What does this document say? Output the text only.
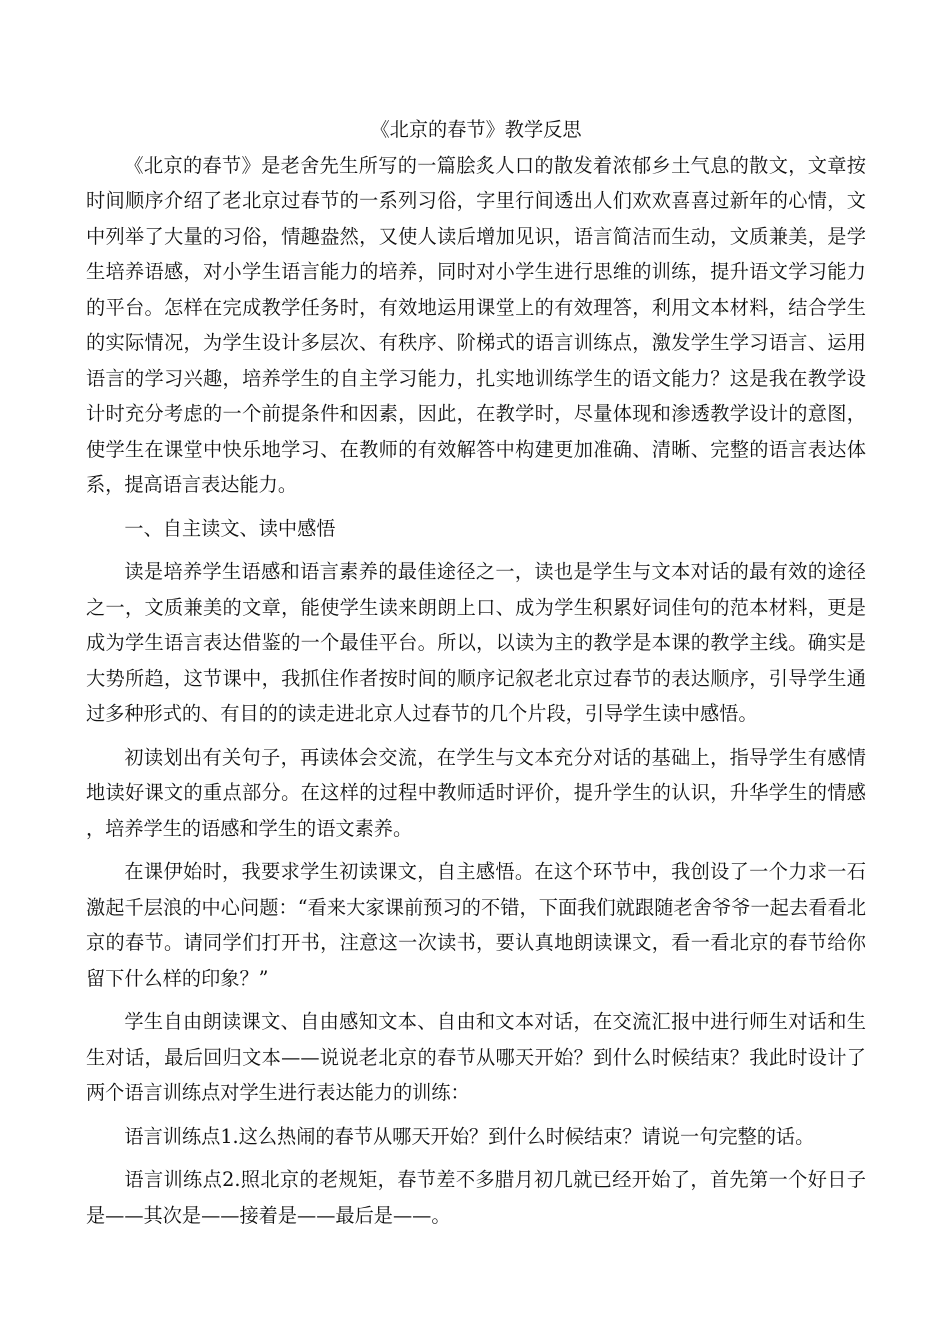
《北京的春节》教学反思

《北京的春节》是老舍先生所写的一篇脍炙人口的散发着浓郁乡土气息的散文，文章按时间顺序介绍了老北京过春节的一系列习俗，字里行间透出人们欢欢喜喜过新年的心情，文中列举了大量的习俗，情趣盎然，又使人读后增加见识，语言简洁而生动，文质兼美，是学生培养语感，对小学生语言能力的培养，同时对小学生进行思维的训练，提升语文学习能力的平台。怎样在完成教学任务时，有效地运用课堂上的有效理答，利用文本材料，结合学生的实际情况，为学生设计多层次、有秩序、阶梯式的语言训练点，激发学生学习语言、运用语言的学习兴趣，培养学生的自主学习能力，扎实地训练学生的语文能力？这是我在教学设计时充分考虑的一个前提条件和因素，因此，在教学时，尽量体现和渗透教学设计的意图，使学生在课堂中快乐地学习、在教师的有效解答中构建更加准确、清晰、完整的语言表达体系，提高语言表达能力。

一、自主读文、读中感悟

读是培养学生语感和语言素养的最佳途径之一，读也是学生与文本对话的最有效的途径之一，文质兼美的文章，能使学生读来朗朗上口、成为学生积累好词佳句的范本材料，更是成为学生语言表达借鉴的一个最佳平台。所以，以读为主的教学是本课的教学主线。确实是大势所趋，这节课中，我抓住作者按时间的顺序记叙老北京过春节的表达顺序，引导学生通过多种形式的、有目的的读走进北京人过春节的几个片段，引导学生读中感悟。

初读划出有关句子，再读体会交流，在学生与文本充分对话的基础上，指导学生有感情地读好课文的重点部分。在这样的过程中教师适时评价，提升学生的认识，升华学生的情感，培养学生的语感和学生的语文素养。

在课伊始时，我要求学生初读课文，自主感悟。在这个环节中，我创设了一个力求一石激起千层浪的中心问题：“看来大家课前预习的不错，下面我们就跟随老舍爷爷一起去看看北京的春节。请同学们打开书，注意这一次读书，要认真地朗读课文，看一看北京的春节给你留下什么样的印象？”

学生自由朗读课文、自由感知文本、自由和文本对话，在交流汇报中进行师生对话和生生对话，最后回归文本——说说老北京的春节从哪天开始？到什么时候结束？我此时设计了两个语言训练点对学生进行表达能力的训练：

语言训练点1.这么热闹的春节从哪天开始？到什么时候结束？请说一句完整的话。

语言训练点2.照北京的老规矩，春节差不多腊月初几就已经开始了，首先第一个好日子是——其次是——接着是——最后是——。
